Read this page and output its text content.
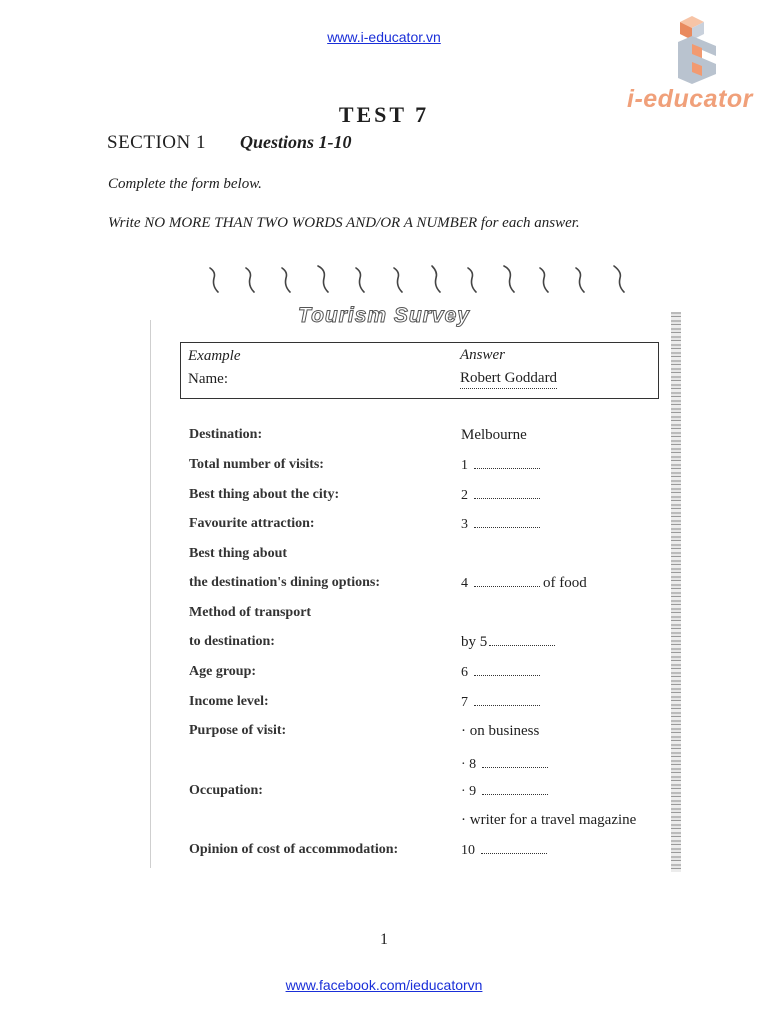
www.i-educator.vn
i-educator
TEST 7
SECTION 1 Questions 1-10
Complete the form below.
Write NO MORE THAN TWO WORDS AND/OR A NUMBER for each answer.
Tourism Survey
Example	Answer
Name:	Robert Goddard
Destination:	Melbourne
Total number of visits:	1
Best thing about the city:	2
Favourite attraction:	3
Best thing about
the destination's dining options:	4	of food
Method of transport
to destination:	by 5
Age group:	6
Income level:	7
Purpose of visit:	· on business
· 8
Occupation:	· 9
· writer for a travel magazine
Opinion of cost of accommodation:	10
1
www.facebook.com/ieducatorvn
